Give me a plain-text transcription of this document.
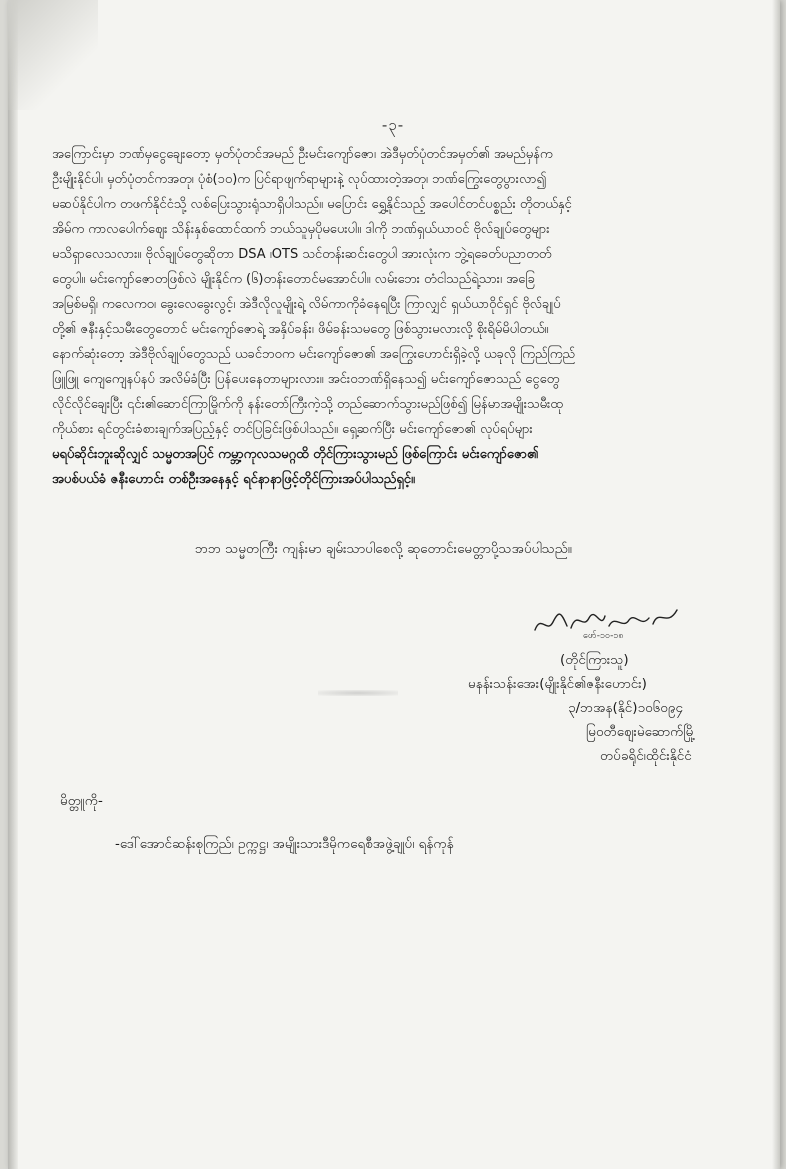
-၃-
အကြောင်းမှာ ဘဏ်မှငွေချေးတော့ မှတ်ပုံတင်အမည် ဦးမင်းကျော်ဇော၊ အဲဒီမှတ်ပုံတင်အမှတ်၏ အမည်မှန်က
ဦးမျိုးနိုင်ပါ၊ မှတ်ပုံတင်ကအတု၊ ပုံစံ(၁၀)က ပြင်ရာဖျက်ရာများနဲ့ လုပ်ထားတဲ့အတု၊ ဘဏ်ကြွေးတွေပွားလာ၍
မဆပ်နိုင်ပါက တဖက်နိုင်ငံသို့ လစ်ပြေးသွားရုံသာရှိပါသည်။ မပြောင်း ရွှေ့နိုင်သည့် အပေါင်တင်ပစ္စည်း တိုတယ်နှင့်
အိမ်က ကာလပေါက်ဈေး သိန်းနှစ်ထောင်ထက် ဘယ်သူမှပိုမပေးပါ။ ဒါကို ဘဏ်ရှယ်ယာဝင် ဗိုလ်ချုပ်တွေများ
မသိရှာလေသလား။ ဗိုလ်ချုပ်တွေဆိုတာ DSA ၊OTS သင်တန်းဆင်းတွေပါ အားလုံးက ဘွဲ့ရခေတ်ပညာတတ်
တွေပါ။ မင်းကျော်ဇောတဖြစ်လဲ မျိုးနိုင်က (၆)တန်းတောင်မအောင်ပါ။ လမ်းဘေး တံငါသည်ရဲ့သား၊ အခြေ
အမြစ်မရှိ၊ ကလေကဝ၊ ခွေးလေခွေးလွင့်၊ အဲဒီလိုလူမျိုးရဲ့ လိမ်ကာကိုခံနေရပြီး ကြာလျှင် ရှယ်ယာဝိုင်ရှင် ဗိုလ်ချုပ်
တို့၏ ဇနီးနှင့်သမီးတွေတောင် မင်းကျော်ဇောရဲ့ အနှိပ်ခန်း၊ ဖိမ်ခန်းသမတွေ ဖြစ်သွားမလားလို့ စိုးရိမ်မိပါတယ်။
နောက်ဆုံးတော့ အဲဒီဗိုလ်ချုပ်တွေသည် ယခင်ဘဝက မင်းကျော်ဇော၏ အကြွေးဟောင်းရှိခဲ့လို့ ယခုလို ကြည်ကြည်
ဖြူဖြူ ကျေကျေနပ်နပ် အလိမ်ခံပြီး ပြန်ပေးနေတာများလား။ အင်းဝဘဏ်ရှိနေသ၍ မင်းကျော်ဇောသည် ငွေတွေ
လိုင်လိုင်ချေးပြီး ၎င်း၏ဆောင်ကြာမြိုက်ကို နန်းတော်ကြီးကဲ့သို့ တည်ဆောက်သွားမည်ဖြစ်၍ မြန်မာအမျိုးသမီးထု
ကိုယ်စား ရင်တွင်းခံစားချက်အပြည့်နှင့် တင်ပြခြင်းဖြစ်ပါသည်။ ရှေ့ဆက်ပြီး မင်းကျော်ဇော၏ လုပ်ရပ်များ
မရပ်ဆိုင်းဘူးဆိုလျှင် သမ္မတအပြင် ကမ္ဘာ့ကုလသမဂ္ဂထိ တိုင်ကြားသွားမည် ဖြစ်ကြောင်း မင်းကျော်ဇော၏
အပစ်ပယ်ခံ ဇနီးဟောင်း တစ်ဦးအနေနှင့် ရင်နာနာဖြင့်တိုင်ကြားအပ်ပါသည်ရှင့်။
ဘဘ သမ္မတကြီး ကျန်းမာ ချမ်းသာပါစေလို့ ဆုတောင်းမေတ္တာပို့သအပ်ပါသည်။
ဖော်-၁၀-၁၈
(တိုင်ကြားသူ)
မနန်းသန်းအေး(မျိုးနိုင်၏ဇနီးဟောင်း)
၃/ဘအန(နိုင်)၁၀၆၀၉၄
မြဝတီဈေးမဲဆောက်မြို့
တပ်ခရိုင်၊ထိုင်းနိုင်ငံ
မိတ္တူကို-
-ဒေါ်အောင်ဆန်းစုကြည်၊ ဥက္ကဋ္ဌ၊ အမျိုးသားဒီမိုကရေစီအဖွဲ့ချုပ်၊ ရန်ကုန်
